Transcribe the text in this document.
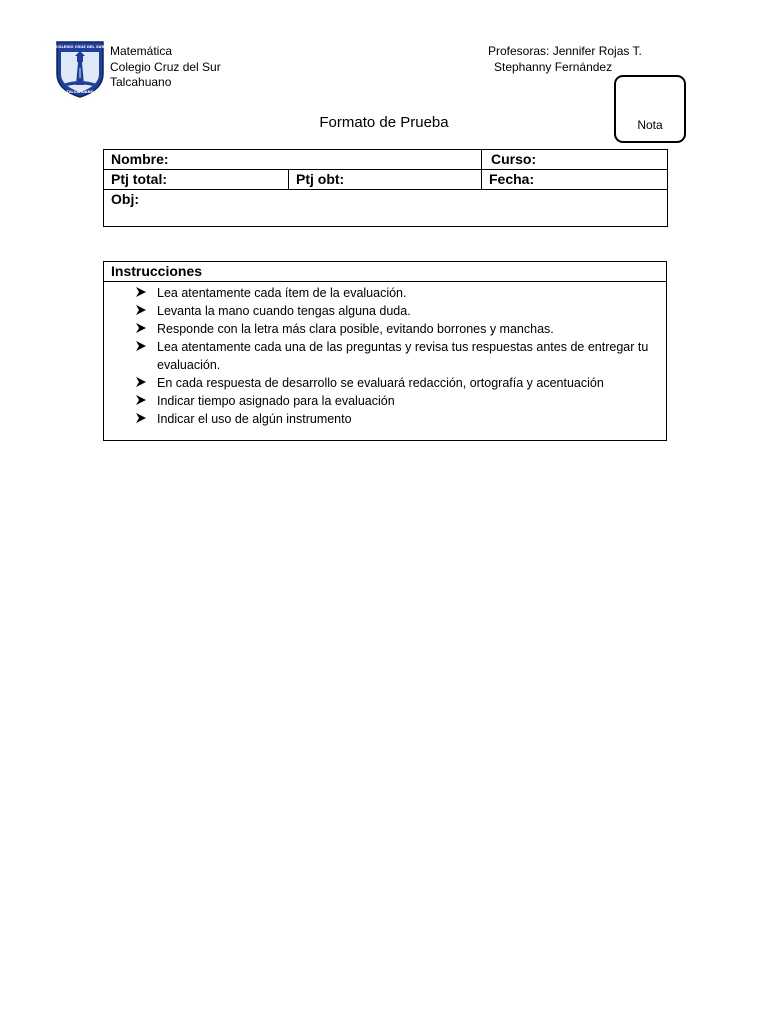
COLEGIO CRUZ DEL SUR
TALCAHUANO
Matemática
Colegio Cruz del Sur
Talcahuano
Profesoras: Jennifer Rojas T.
Stephanny Fernández
Nota
Formato de Prueba
Nombre:		Curso:
Ptj total:	Ptj obt:	Fecha:
Obj:		
Instrucciones
Lea atentamente cada ítem de la evaluación.
Levanta la mano cuando tengas alguna duda.
Responde con la letra más clara posible, evitando borrones y manchas.
Lea atentamente cada una de las preguntas y revisa tus respuestas antes de entregar tu evaluación.
En cada respuesta de desarrollo se evaluará redacción, ortografía y acentuación
Indicar tiempo asignado para la evaluación
Indicar el uso de algún instrumento
